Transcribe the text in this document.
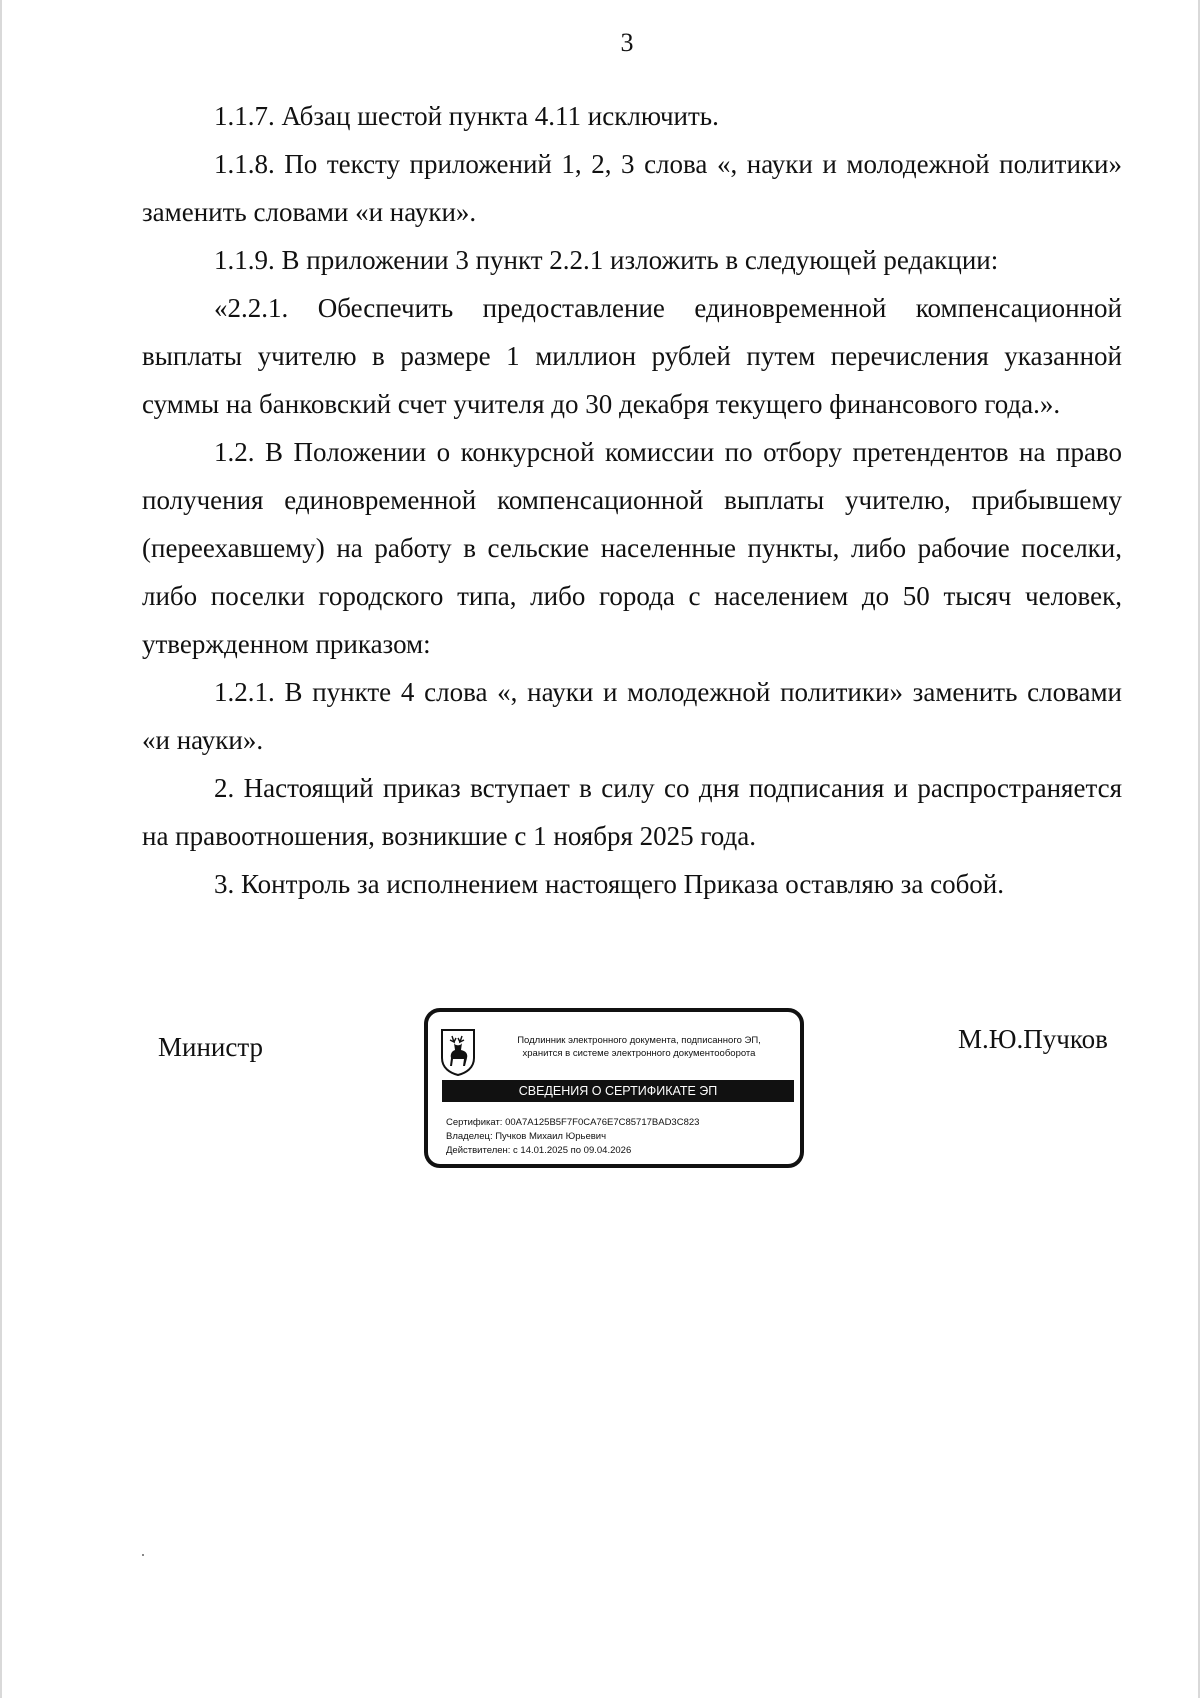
3

1.1.7. Абзац шестой пункта 4.11 исключить.

1.1.8. По тексту приложений 1, 2, 3 слова «, науки и молодежной политики» заменить словами «и науки».

1.1.9. В приложении 3 пункт 2.2.1 изложить в следующей редакции:

«2.2.1. Обеспечить предоставление единовременной компенсационной выплаты учителю в размере 1 миллион рублей путем перечисления указанной суммы на банковский счет учителя до 30 декабря текущего финансового года.».

1.2. В Положении о конкурсной комиссии по отбору претендентов на право получения единовременной компенсационной выплаты учителю, прибывшему (переехавшему) на работу в сельские населенные пункты, либо рабочие поселки, либо поселки городского типа, либо города с населением до 50 тысяч человек, утвержденном приказом:

1.2.1. В пункте 4 слова «, науки и молодежной политики» заменить словами «и науки».

2. Настоящий приказ вступает в силу со дня подписания и распространяется на правоотношения, возникшие с 1 ноября 2025 года.

3. Контроль за исполнением настоящего Приказа оставляю за собой.

Министр	Подлинник электронного документа, подписанного ЭП,
хранится в системе электронного документооборота
СВЕДЕНИЯ О СЕРТИФИКАТЕ ЭП
Сертификат: 00A7A125B5F7F0CA76E7C85717BAD3C823
Владелец: Пучков Михаил Юрьевич
Действителен: с 14.01.2025 по 09.04.2026
М.Ю.Пучков
